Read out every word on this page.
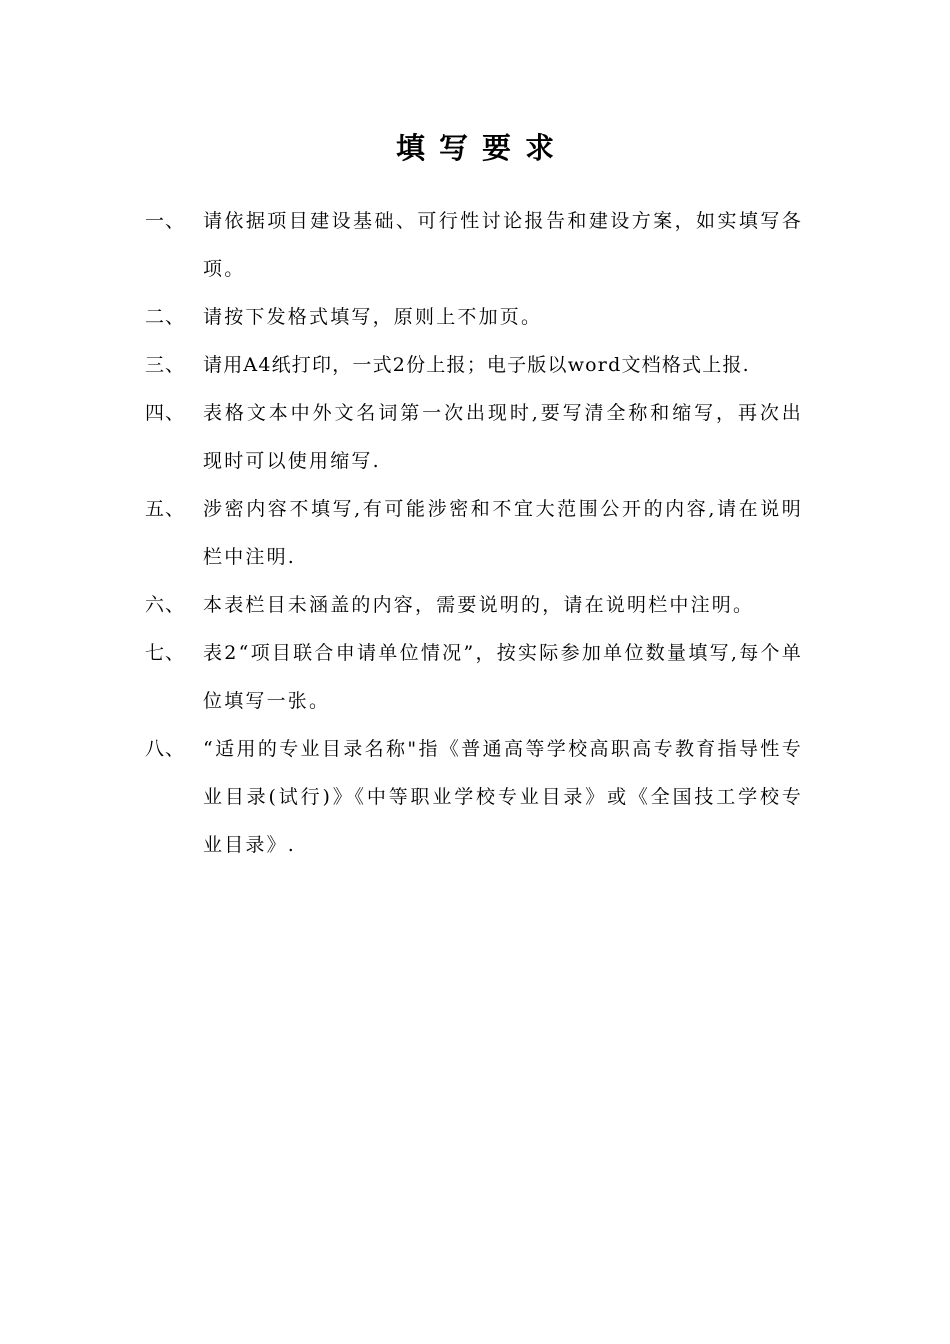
填写要求
一、 请依据项目建设基础、可行性讨论报告和建设方案，如实填写各项。
二、 请按下发格式填写，原则上不加页。
三、 请用A4纸打印，一式2份上报；电子版以word文档格式上报.
四、 表格文本中外文名词第一次出现时,要写清全称和缩写，再次出现时可以使用缩写.
五、 涉密内容不填写,有可能涉密和不宜大范围公开的内容,请在说明栏中注明.
六、 本表栏目未涵盖的内容，需要说明的，请在说明栏中注明。
七、 表2“项目联合申请单位情况”，按实际参加单位数量填写,每个单位填写一张。
八、 “适用的专业目录名称"指《普通高等学校高职高专教育指导性专业目录(试行)》《中等职业学校专业目录》或《全国技工学校专业目录》.
